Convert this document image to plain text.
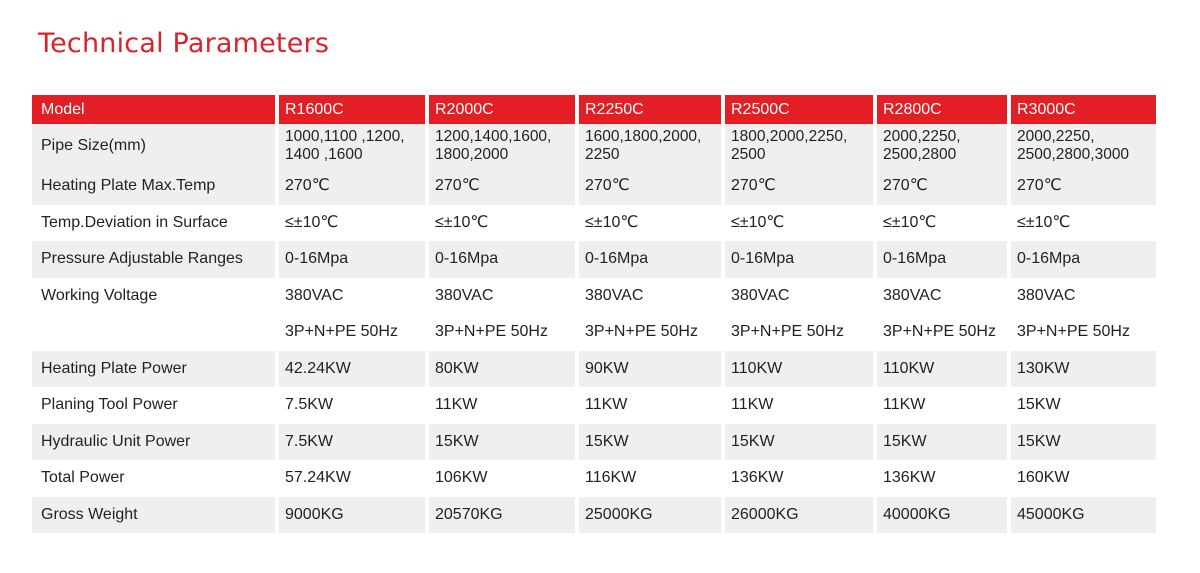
Technical Parameters
Model	R1600C	R2000C	R2250C	R2500C	R2800C	R3000C
Pipe Size(mm)	1000,1100 ,1200, 1400 ,1600	1200,1400,1600, 1800,2000	1600,1800,2000, 2250	1800,2000,2250, 2500	2000,2250, 2500,2800	2000,2250, 2500,2800,3000
Heating Plate Max.Temp	270℃	270℃	270℃	270℃	270℃	270℃
Temp.Deviation in Surface	≤±10℃	≤±10℃	≤±10℃	≤±10℃	≤±10℃	≤±10℃
Pressure Adjustable Ranges	0-16Mpa	0-16Mpa	0-16Mpa	0-16Mpa	0-16Mpa	0-16Mpa
Working Voltage	380VAC	380VAC	380VAC	380VAC	380VAC	380VAC
	3P+N+PE 50Hz	3P+N+PE 50Hz	3P+N+PE 50Hz	3P+N+PE 50Hz	3P+N+PE 50Hz	3P+N+PE 50Hz
Heating Plate Power	42.24KW	80KW	90KW	110KW	110KW	130KW
Planing Tool Power	7.5KW	11KW	11KW	11KW	11KW	15KW
Hydraulic Unit Power	7.5KW	15KW	15KW	15KW	15KW	15KW
Total Power	57.24KW	106KW	116KW	136KW	136KW	160KW
Gross Weight	9000KG	20570KG	25000KG	26000KG	40000KG	45000KG
